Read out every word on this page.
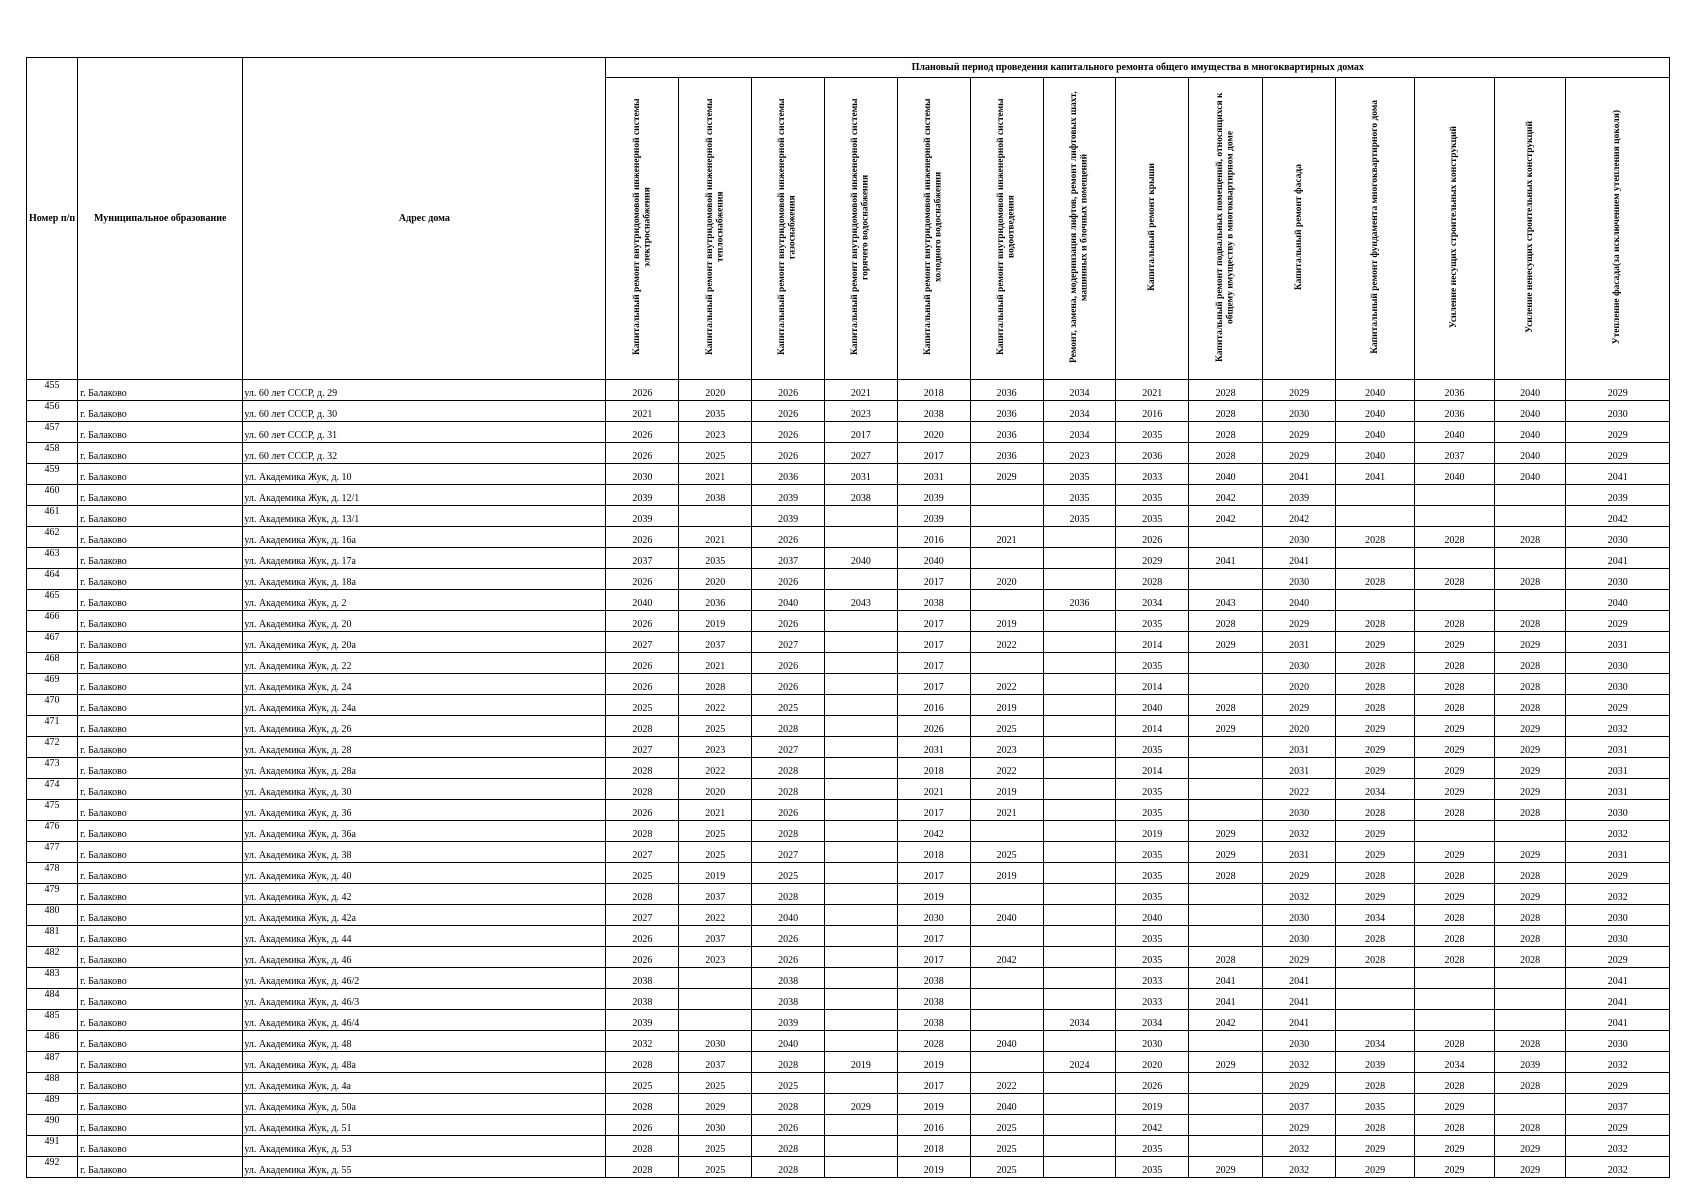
Номер п/п	Муниципальное образование	Адрес дома	Плановый период проведения капитального ремонта общего имущества в многоквартирных домах													
			Капитальный ремонт внутридомовой инженерной системы электроснабжения	Капитальный ремонт внутридомовой инженерной системы теплоснабжения	Капитальный ремонт внутридомовой инженерной системы газоснабжения	Капитальный ремонт внутридомовой инженерной системы горячего водоснабжения	Капитальный ремонт внутридомовой инженерной системы холодного водоснабжения	Капитальный ремонт внутридомовой инженерной системы водоотведения	Ремонт, замена, модернизация лифтов, ремонт лифтовых шахт, машинных и блочных помещений	Капитальный ремонт крыши	Капитальный ремонт подвальных помещений, относящихся к общему имуществу в многоквартирном доме	Капитальный ремонт фасада	Капитальный ремонт фундамента многоквартирного дома	Усиление несущих строительных конструкций	Усиление ненесущих строительных конструкций	Утепление фасада(за исключением утепления цоколя)
455	г. Балаково	ул. 60 лет СССР, д. 29	2026	2020	2026	2021	2018	2036	2034	2021	2028	2029	2040	2036	2040	2029
456	г. Балаково	ул. 60 лет СССР, д. 30	2021	2035	2026	2023	2038	2036	2034	2016	2028	2030	2040	2036	2040	2030
457	г. Балаково	ул. 60 лет СССР, д. 31	2026	2023	2026	2017	2020	2036	2034	2035	2028	2029	2040	2040	2040	2029
458	г. Балаково	ул. 60 лет СССР, д. 32	2026	2025	2026	2027	2017	2036	2023	2036	2028	2029	2040	2037	2040	2029
459	г. Балаково	ул. Академика Жук, д. 10	2030	2021	2036	2031	2031	2029	2035	2033	2040	2041	2041	2040	2040	2041
460	г. Балаково	ул. Академика Жук, д. 12/1	2039	2038	2039	2038	2039		2035	2035	2042	2039				2039
461	г. Балаково	ул. Академика Жук, д. 13/1	2039		2039		2039		2035	2035	2042	2042				2042
462	г. Балаково	ул. Академика Жук, д. 16а	2026	2021	2026		2016	2021		2026		2030	2028	2028	2028	2030
463	г. Балаково	ул. Академика Жук, д. 17а	2037	2035	2037	2040	2040			2029	2041	2041				2041
464	г. Балаково	ул. Академика Жук, д. 18а	2026	2020	2026		2017	2020		2028		2030	2028	2028	2028	2030
465	г. Балаково	ул. Академика Жук, д. 2	2040	2036	2040	2043	2038		2036	2034	2043	2040				2040
466	г. Балаково	ул. Академика Жук, д. 20	2026	2019	2026		2017	2019		2035	2028	2029	2028	2028	2028	2029
467	г. Балаково	ул. Академика Жук, д. 20а	2027	2037	2027		2017	2022		2014	2029	2031	2029	2029	2029	2031
468	г. Балаково	ул. Академика Жук, д. 22	2026	2021	2026		2017			2035		2030	2028	2028	2028	2030
469	г. Балаково	ул. Академика Жук, д. 24	2026	2028	2026		2017	2022		2014		2020	2028	2028	2028	2030
470	г. Балаково	ул. Академика Жук, д. 24а	2025	2022	2025		2016	2019		2040	2028	2029	2028	2028	2028	2029
471	г. Балаково	ул. Академика Жук, д. 26	2028	2025	2028		2026	2025		2014	2029	2020	2029	2029	2029	2032
472	г. Балаково	ул. Академика Жук, д. 28	2027	2023	2027		2031	2023		2035		2031	2029	2029	2029	2031
473	г. Балаково	ул. Академика Жук, д. 28а	2028	2022	2028		2018	2022		2014		2031	2029	2029	2029	2031
474	г. Балаково	ул. Академика Жук, д. 30	2028	2020	2028		2021	2019		2035		2022	2034	2029	2029	2031
475	г. Балаково	ул. Академика Жук, д. 36	2026	2021	2026		2017	2021		2035		2030	2028	2028	2028	2030
476	г. Балаково	ул. Академика Жук, д. 36а	2028	2025	2028		2042			2019	2029	2032	2029			2032
477	г. Балаково	ул. Академика Жук, д. 38	2027	2025	2027		2018	2025		2035	2029	2031	2029	2029	2029	2031
478	г. Балаково	ул. Академика Жук, д. 40	2025	2019	2025		2017	2019		2035	2028	2029	2028	2028	2028	2029
479	г. Балаково	ул. Академика Жук, д. 42	2028	2037	2028		2019			2035		2032	2029	2029	2029	2032
480	г. Балаково	ул. Академика Жук, д. 42а	2027	2022	2040		2030	2040		2040		2030	2034	2028	2028	2030
481	г. Балаково	ул. Академика Жук, д. 44	2026	2037	2026		2017			2035		2030	2028	2028	2028	2030
482	г. Балаково	ул. Академика Жук, д. 46	2026	2023	2026		2017	2042		2035	2028	2029	2028	2028	2028	2029
483	г. Балаково	ул. Академика Жук, д. 46/2	2038		2038		2038			2033	2041	2041				2041
484	г. Балаково	ул. Академика Жук, д. 46/3	2038		2038		2038			2033	2041	2041				2041
485	г. Балаково	ул. Академика Жук, д. 46/4	2039		2039		2038		2034	2034	2042	2041				2041
486	г. Балаково	ул. Академика Жук, д. 48	2032	2030	2040		2028	2040		2030		2030	2034	2028	2028	2030
487	г. Балаково	ул. Академика Жук, д. 48а	2028	2037	2028	2019	2019		2024	2020	2029	2032	2039	2034	2039	2032
488	г. Балаково	ул. Академика Жук, д. 4а	2025	2025	2025		2017	2022		2026		2029	2028	2028	2028	2029
489	г. Балаково	ул. Академика Жук, д. 50а	2028	2029	2028	2029	2019	2040		2019		2037	2035	2029		2037
490	г. Балаково	ул. Академика Жук, д. 51	2026	2030	2026		2016	2025		2042		2029	2028	2028	2028	2029
491	г. Балаково	ул. Академика Жук, д. 53	2028	2025	2028		2018	2025		2035		2032	2029	2029	2029	2032
492	г. Балаково	ул. Академика Жук, д. 55	2028	2025	2028		2019	2025		2035	2029	2032	2029	2029	2029	2032
